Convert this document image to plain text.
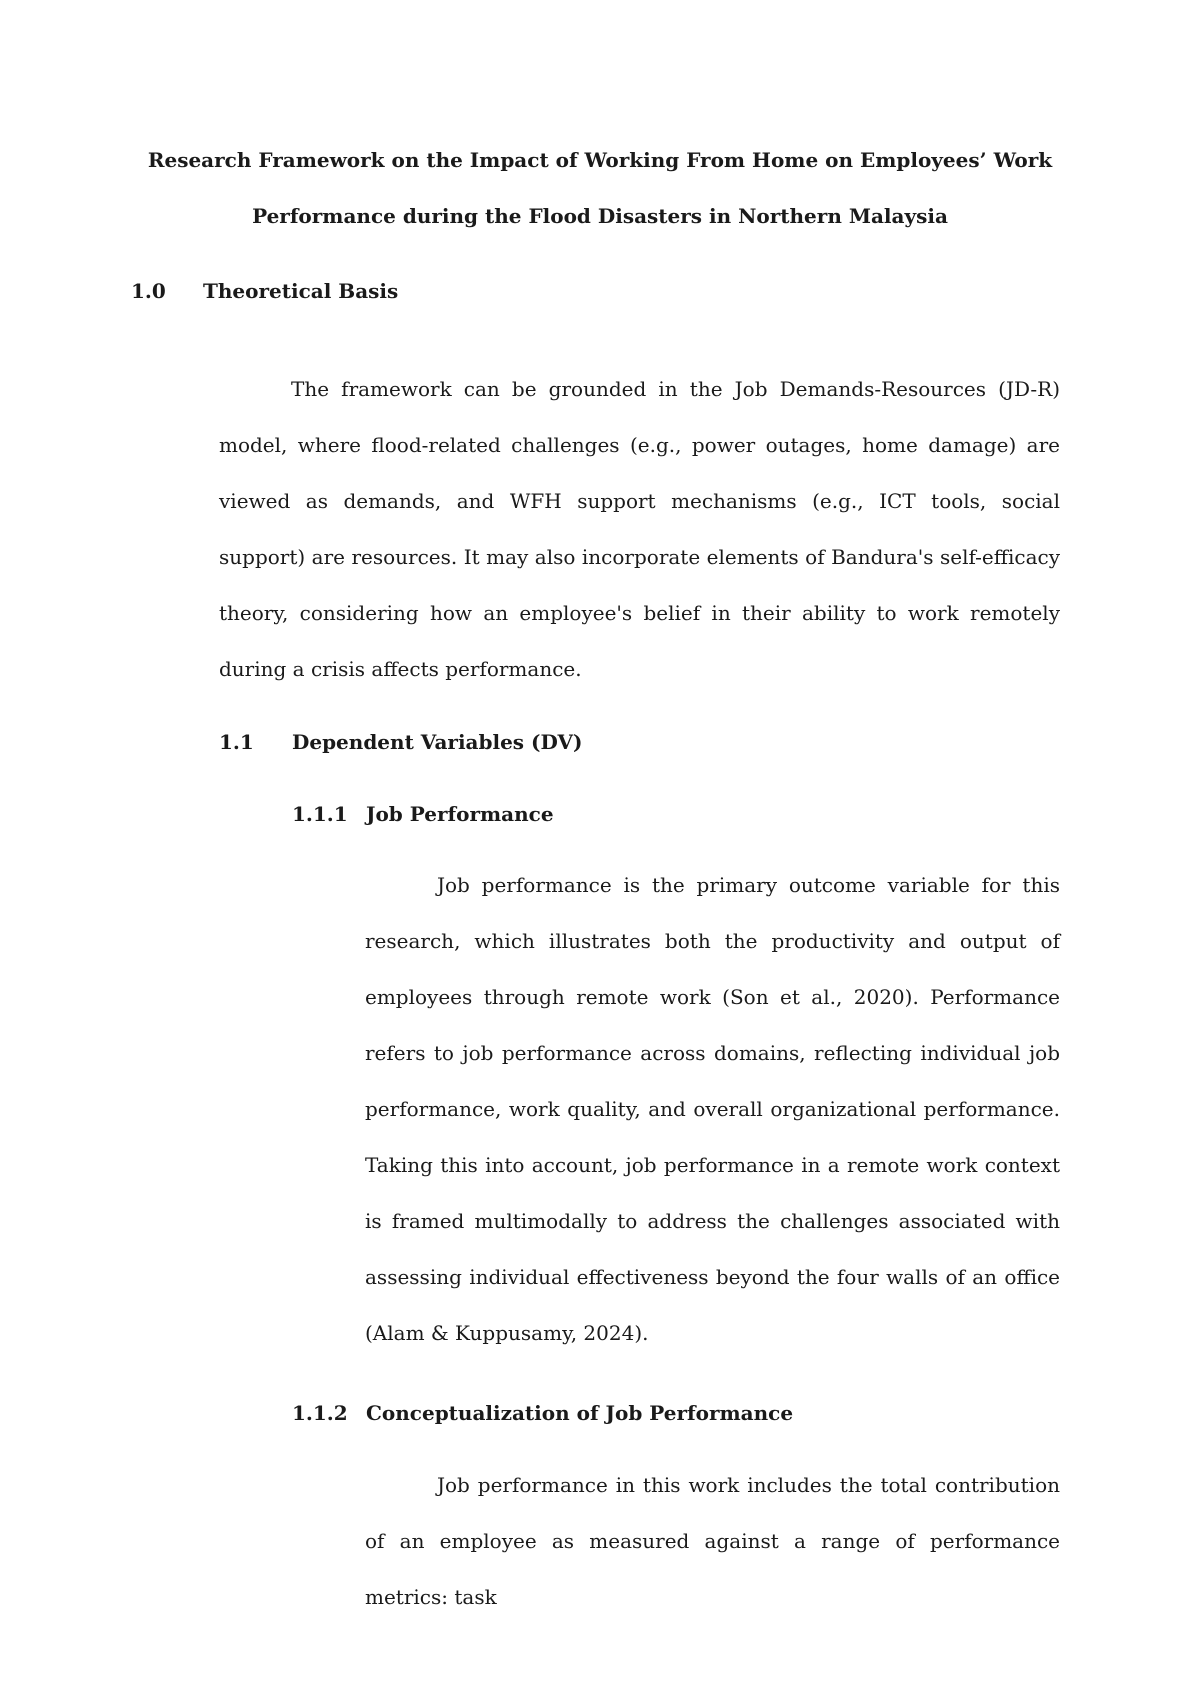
Research Framework on the Impact of Working From Home on Employees’ Work
Performance during the Flood Disasters in Northern Malaysia
1.0 Theoretical Basis
The framework can be grounded in the Job Demands-Resources (JD-R) model, where flood-related challenges (e.g., power outages, home damage) are viewed as demands, and WFH support mechanisms (e.g., ICT tools, social support) are resources. It may also incorporate elements of Bandura's self-efficacy theory, considering how an employee's belief in their ability to work remotely during a crisis affects performance.
1.1 Dependent Variables (DV)
1.1.1 Job Performance
Job performance is the primary outcome variable for this research, which illustrates both the productivity and output of employees through remote work (Son et al., 2020). Performance refers to job performance across domains, reflecting individual job performance, work quality, and overall organizational performance. Taking this into account, job performance in a remote work context is framed multimodally to address the challenges associated with assessing individual effectiveness beyond the four walls of an office (Alam & Kuppusamy, 2024).
1.1.2 Conceptualization of Job Performance
Job performance in this work includes the total contribution of an employee as measured against a range of performance metrics: task
